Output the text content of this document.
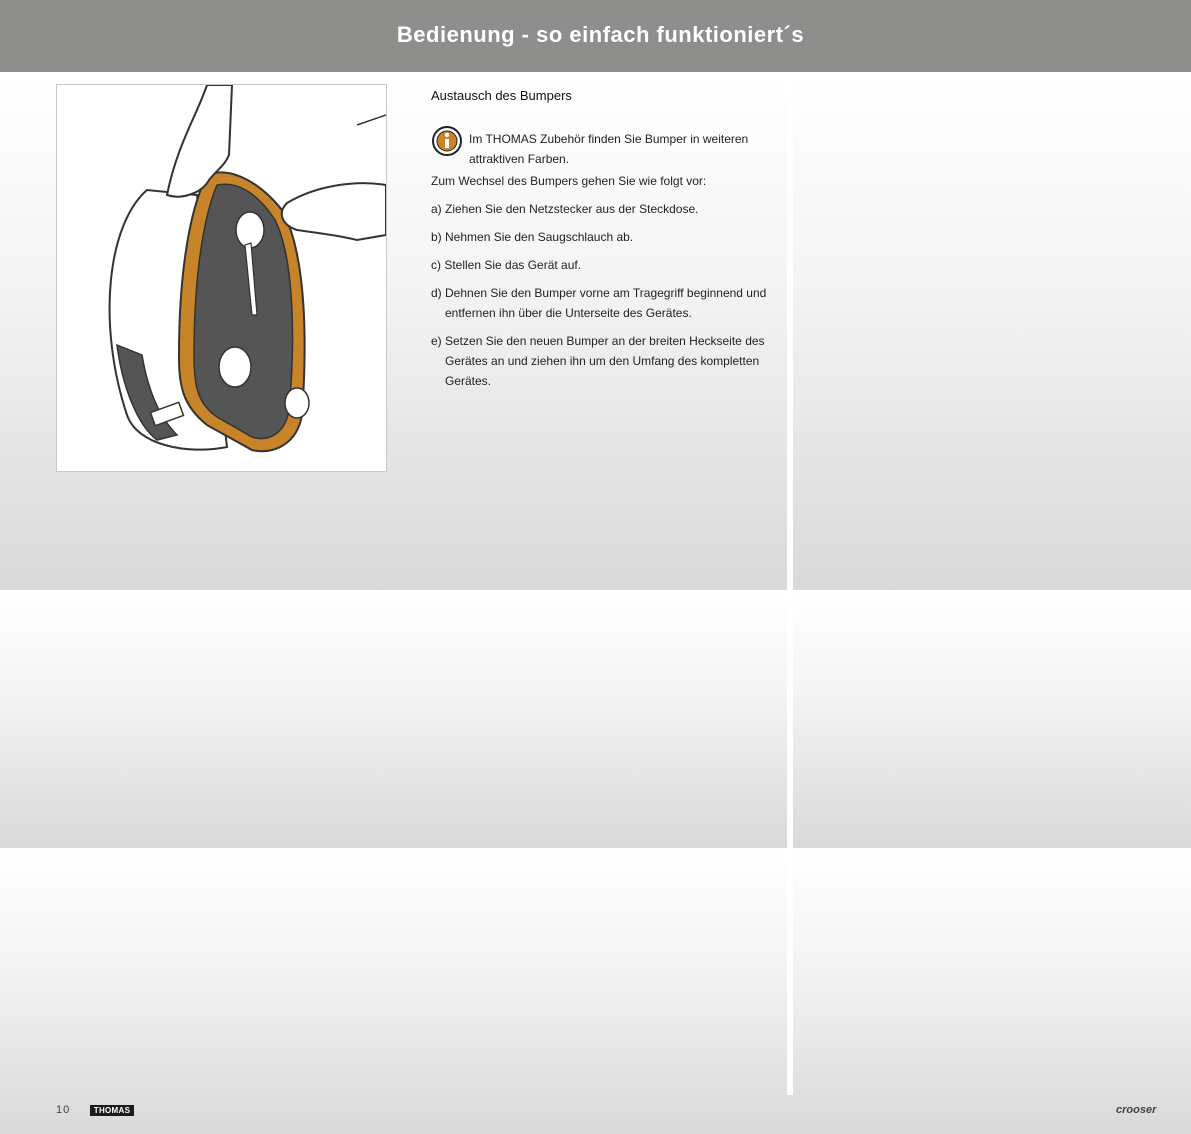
Bedienung - so einfach funktioniert´s
Austausch des Bumpers
Im THOMAS Zubehör finden Sie Bumper in weiteren attraktiven Farben.

Zum Wechsel des Bumpers gehen Sie wie folgt vor:

a) Ziehen Sie den Netzstecker aus der Steckdose.

b) Nehmen Sie den Saugschlauch ab.

c) Stellen Sie das Gerät auf.

d) Dehnen Sie den Bumper vorne am Tragegriff beginnend und entfernen ihn über die Unterseite des Gerätes.

e) Setzen Sie den neuen Bumper an der breiten Heckseite des Gerätes an und ziehen ihn um den Umfang des kompletten Gerätes.

10	THOMAS	crooser
